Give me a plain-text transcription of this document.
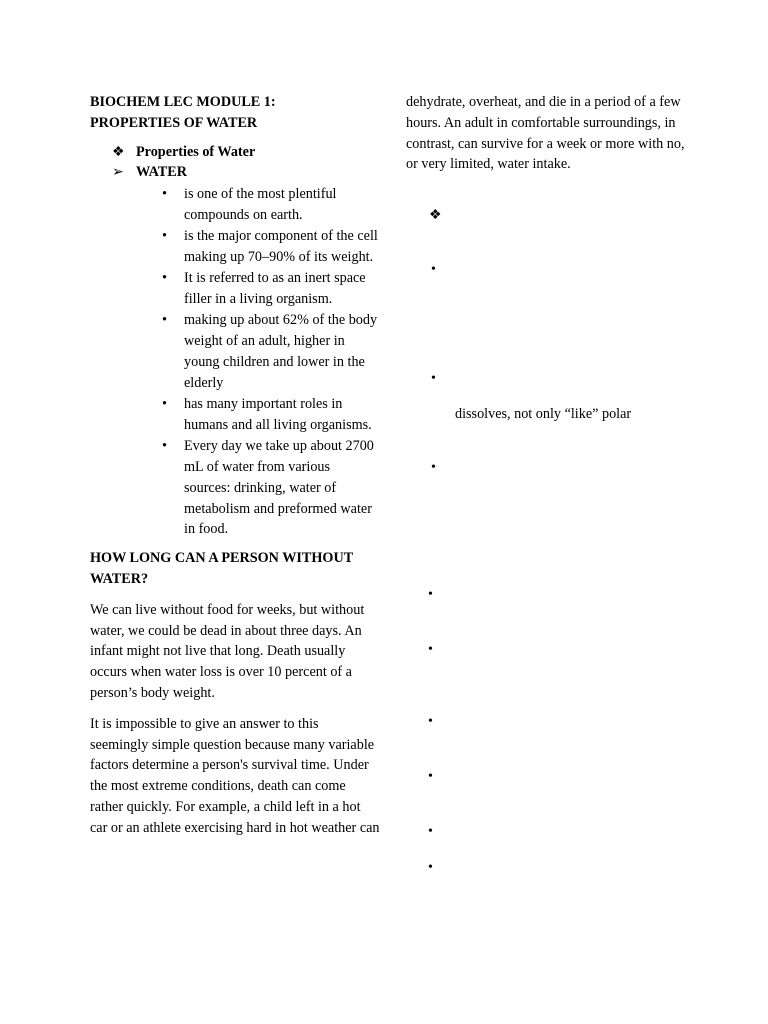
BIOCHEM LEC MODULE 1:
PROPERTIES OF WATER
❖ Properties of Water
➢ WATER
• is one of the most plentiful compounds on earth.
• is the major component of the cell making up 70–90% of its weight.
• It is referred to as an inert space filler in a living organism.
• making up about 62% of the body weight of an adult, higher in young children and lower in the elderly
• has many important roles in humans and all living organisms.
• Every day we take up about 2700 mL of water from various sources: drinking, water of metabolism and preformed water in food.
HOW LONG CAN A PERSON WITHOUT WATER?

We can live without food for weeks, but without water, we could be dead in about three days. An infant might not live that long. Death usually occurs when water loss is over 10 percent of a person’s body weight.

It is impossible to give an answer to this seemingly simple question because many variable factors determine a person's survival time. Under the most extreme conditions, death can come rather quickly. For example, a child left in a hot car or an athlete exercising hard in hot weather can

dehydrate, overheat, and die in a period of a few hours. An adult in comfortable surroundings, in contrast, can survive for a week or more with no, or very limited, water intake.

❖
•
•
dissolves, not only “like” polar
•
•
•
•
•
•
•
